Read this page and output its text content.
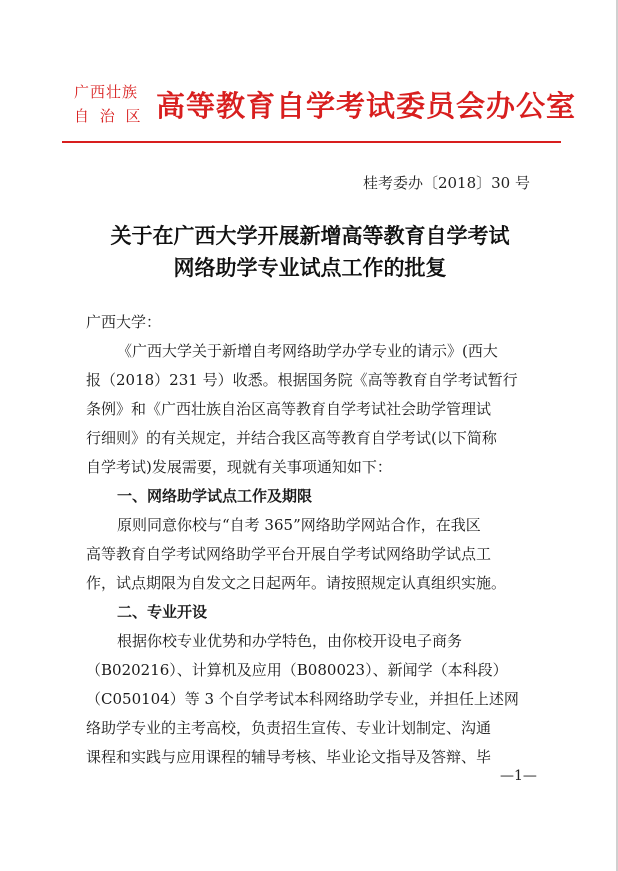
广西壮族
自 治 区 高等教育自学考试委员会办公室
桂考委办〔2018〕30 号
关于在广西大学开展新增高等教育自学考试
网络助学专业试点工作的批复
广西大学：
《广西大学关于新增自考网络助学办学专业的请示》(西大
报（2018）231 号）收悉。根据国务院《高等教育自学考试暂行
条例》和《广西壮族自治区高等教育自学考试社会助学管理试
行细则》的有关规定，并结合我区高等教育自学考试(以下简称
自学考试)发展需要，现就有关事项通知如下：
一、网络助学试点工作及期限
原则同意你校与“自考 365”网络助学网站合作，在我区
高等教育自学考试网络助学平台开展自学考试网络助学试点工
作，试点期限为自发文之日起两年。请按照规定认真组织实施。
二、专业开设
根据你校专业优势和办学特色，由你校开设电子商务
（B020216）、计算机及应用（B080023）、新闻学（本科段）
（C050104）等 3 个自学考试本科网络助学专业，并担任上述网
络助学专业的主考高校，负责招生宣传、专业计划制定、沟通
课程和实践与应用课程的辅导考核、毕业论文指导及答辩、毕
—1—
